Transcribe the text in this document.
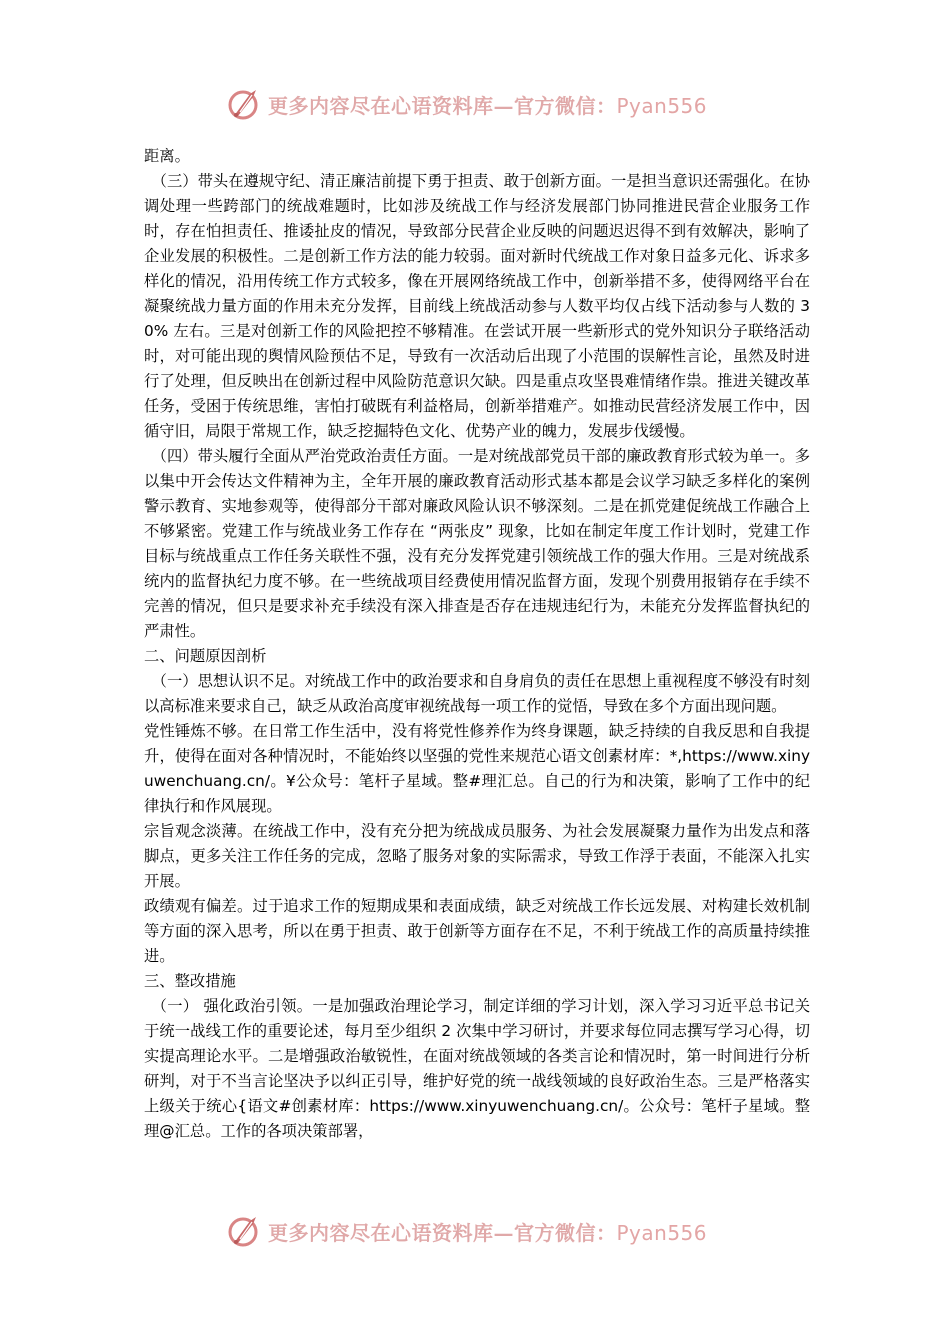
更多内容尽在心语资料库—官方微信：Pyan556

距离。

（三）带头在遵规守纪、清正廉洁前提下勇于担责、敢于创新方面。一是担当意识还需强化。在协调处理一些跨部门的统战难题时，比如涉及统战工作与经济发展部门协同推进民营企业服务工作时，存在怕担责任、推诿扯皮的情况，导致部分民营企业反映的问题迟迟得不到有效解决，影响了企业发展的积极性。二是创新工作方法的能力较弱。面对新时代统战工作对象日益多元化、诉求多样化的情况，沿用传统工作方式较多，像在开展网络统战工作中，创新举措不多，使得网络平台在凝聚统战力量方面的作用未充分发挥，目前线上统战活动参与人数平均仅占线下活动参与人数的 30% 左右。三是对创新工作的风险把控不够精准。在尝试开展一些新形式的党外知识分子联络活动时，对可能出现的舆情风险预估不足，导致有一次活动后出现了小范围的误解性言论，虽然及时进行了处理，但反映出在创新过程中风险防范意识欠缺。四是重点攻坚畏难情绪作祟。推进关键改革任务，受困于传统思维，害怕打破既有利益格局，创新举措难产。如推动民营经济发展工作中，因循守旧，局限于常规工作，缺乏挖掘特色文化、优势产业的魄力，发展步伐缓慢。

（四）带头履行全面从严治党政治责任方面。一是对统战部党员干部的廉政教育形式较为单一。多以集中开会传达文件精神为主，全年开展的廉政教育活动形式基本都是会议学习缺乏多样化的案例警示教育、实地参观等，使得部分干部对廉政风险认识不够深刻。二是在抓党建促统战工作融合上不够紧密。党建工作与统战业务工作存在 “两张皮” 现象，比如在制定年度工作计划时，党建工作目标与统战重点工作任务关联性不强，没有充分发挥党建引领统战工作的强大作用。三是对统战系统内的监督执纪力度不够。在一些统战项目经费使用情况监督方面，发现个别费用报销存在手续不完善的情况，但只是要求补充手续没有深入排查是否存在违规违纪行为，未能充分发挥监督执纪的严肃性。

二、问题原因剖析

（一）思想认识不足。对统战工作中的政治要求和自身肩负的责任在思想上重视程度不够没有时刻以高标准来要求自己，缺乏从政治高度审视统战每一项工作的觉悟，导致在多个方面出现问题。

党性锤炼不够。在日常工作生活中，没有将党性修养作为终身课题，缺乏持续的自我反思和自我提升，使得在面对各种情况时，不能始终以坚强的党性来规范心语文创素材库：*,https://www.xinyuwenchuang.cn/。¥公众号：笔杆子星域。整#理汇总。自己的行为和决策，影响了工作中的纪律执行和作风展现。

宗旨观念淡薄。在统战工作中，没有充分把为统战成员服务、为社会发展凝聚力量作为出发点和落脚点，更多关注工作任务的完成，忽略了服务对象的实际需求，导致工作浮于表面，不能深入扎实开展。

政绩观有偏差。过于追求工作的短期成果和表面成绩，缺乏对统战工作长远发展、对构建长效机制等方面的深入思考，所以在勇于担责、敢于创新等方面存在不足，不利于统战工作的高质量持续推进。

三、整改措施

（一） 强化政治引领。一是加强政治理论学习，制定详细的学习计划，深入学习习近平总书记关于统一战线工作的重要论述，每月至少组织 2 次集中学习研讨，并要求每位同志撰写学习心得，切实提高理论水平。二是增强政治敏锐性，在面对统战领域的各类言论和情况时，第一时间进行分析研判，对于不当言论坚决予以纠正引导，维护好党的统一战线领域的良好政治生态。三是严格落实上级关于统心{语文#创素材库：https://www.xinyuwenchuang.cn/。公众号：笔杆子星域。整理@汇总。工作的各项决策部署，

更多内容尽在心语资料库—官方微信：Pyan556
